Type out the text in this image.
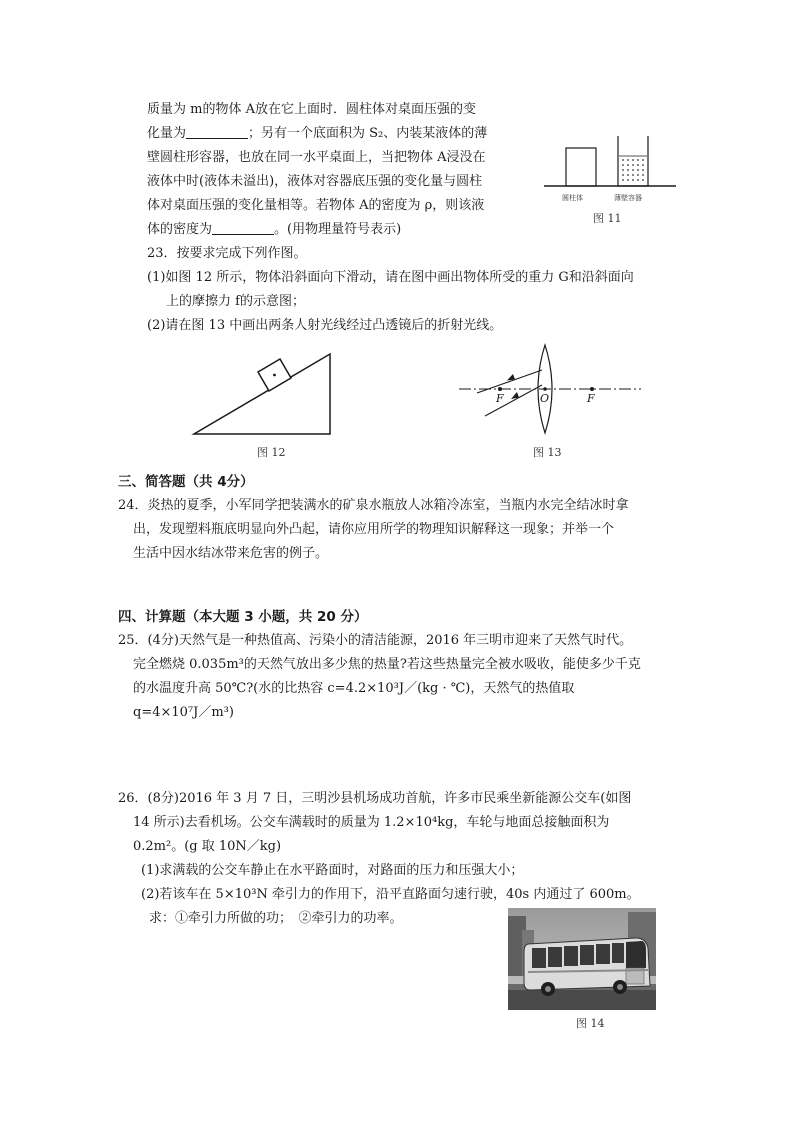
质量为 m的物体 A放在它上面时．圆柱体对桌面压强的变
化量为	；另有一个底面积为 S₂、内装某液体的薄
壁圆柱形容器，也放在同一水平桌面上，当把物体 A浸没在
液体中时(液体未溢出)，液体对容器底压强的变化量与圆柱
体对桌面压强的变化量相等。若物体 A的密度为 ρ，则该液
体的密度为	。(用物理量符号表示)
圆柱体	薄壁容器
图 11
23．按要求完成下列作图。
(1)如图 12 所示，物体沿斜面向下滑动，请在图中画出物体所受的重力 G和沿斜面向
上的摩擦力 f的示意图；
(2)请在图 13 中画出两条人射光线经过凸透镜后的折射光线。
图 12
F	O	F
图 13
三、简答题（共 4分）
24．炎热的夏季，小军同学把装满水的矿泉水瓶放人冰箱冷冻室，当瓶内水完全结冰时拿
出，发现塑料瓶底明显向外凸起，请你应用所学的物理知识解释这一现象；并举一个
生活中因水结冰带来危害的例子。
四、计算题（本大题 3 小题，共 20 分）
25．(4分)天然气是一种热值高、污染小的清洁能源，2016 年三明市迎来了天然气时代。
完全燃烧 0.035m³的天然气放出多少焦的热量?若这些热量完全被水吸收，能使多少千克
的水温度升高 50℃?(水的比热容 c=4.2×10³J／(kg · ℃)，天然气的热值取
q=4×10⁷J／m³)
26．(8分)2016 年 3 月 7 日，三明沙县机场成功首航，许多市民乘坐新能源公交车(如图
14 所示)去看机场。公交车满载时的质量为 1.2×10⁴kg，车轮与地面总接触面积为
0.2m²。(g 取 10N／kg)
(1)求满载的公交车静止在水平路面时，对路面的压力和压强大小；
(2)若该车在 5×10³N 牵引力的作用下，沿平直路面匀速行驶，40s 内通过了 600m。
求：①牵引力所做的功；　②牵引力的功率。
图 14
